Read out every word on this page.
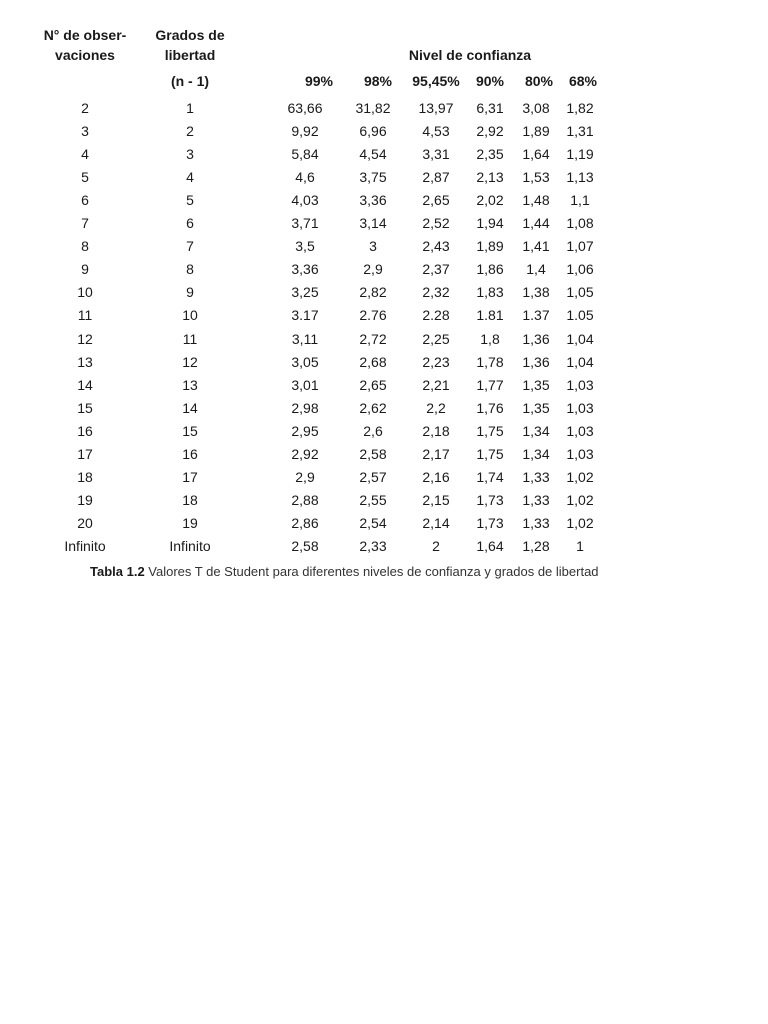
N° de obser-
vaciones
Grados de
libertad
(n - 1)
Nivel de confianza
99%	98%	95,45%	90%	80%	68%
2	1	63,66	31,82	13,97	6,31	3,08	1,82
3	2	9,92	6,96	4,53	2,92	1,89	1,31
4	3	5,84	4,54	3,31	2,35	1,64	1,19
5	4	4,6	3,75	2,87	2,13	1,53	1,13
6	5	4,03	3,36	2,65	2,02	1,48	1,1
7	6	3,71	3,14	2,52	1,94	1,44	1,08
8	7	3,5	3	2,43	1,89	1,41	1,07
9	8	3,36	2,9	2,37	1,86	1,4	1,06
10	9	3,25	2,82	2,32	1,83	1,38	1,05
11	10	3.17	2.76	2.28	1.81	1.37	1.05
12	11	3,11	2,72	2,25	1,8	1,36	1,04
13	12	3,05	2,68	2,23	1,78	1,36	1,04
14	13	3,01	2,65	2,21	1,77	1,35	1,03
15	14	2,98	2,62	2,2	1,76	1,35	1,03
16	15	2,95	2,6	2,18	1,75	1,34	1,03
17	16	2,92	2,58	2,17	1,75	1,34	1,03
18	17	2,9	2,57	2,16	1,74	1,33	1,02
19	18	2,88	2,55	2,15	1,73	1,33	1,02
20	19	2,86	2,54	2,14	1,73	1,33	1,02
Infinito	Infinito	2,58	2,33	2	1,64	1,28	1
Tabla 1.2 Valores T de Student para diferentes niveles de confianza y grados de libertad
